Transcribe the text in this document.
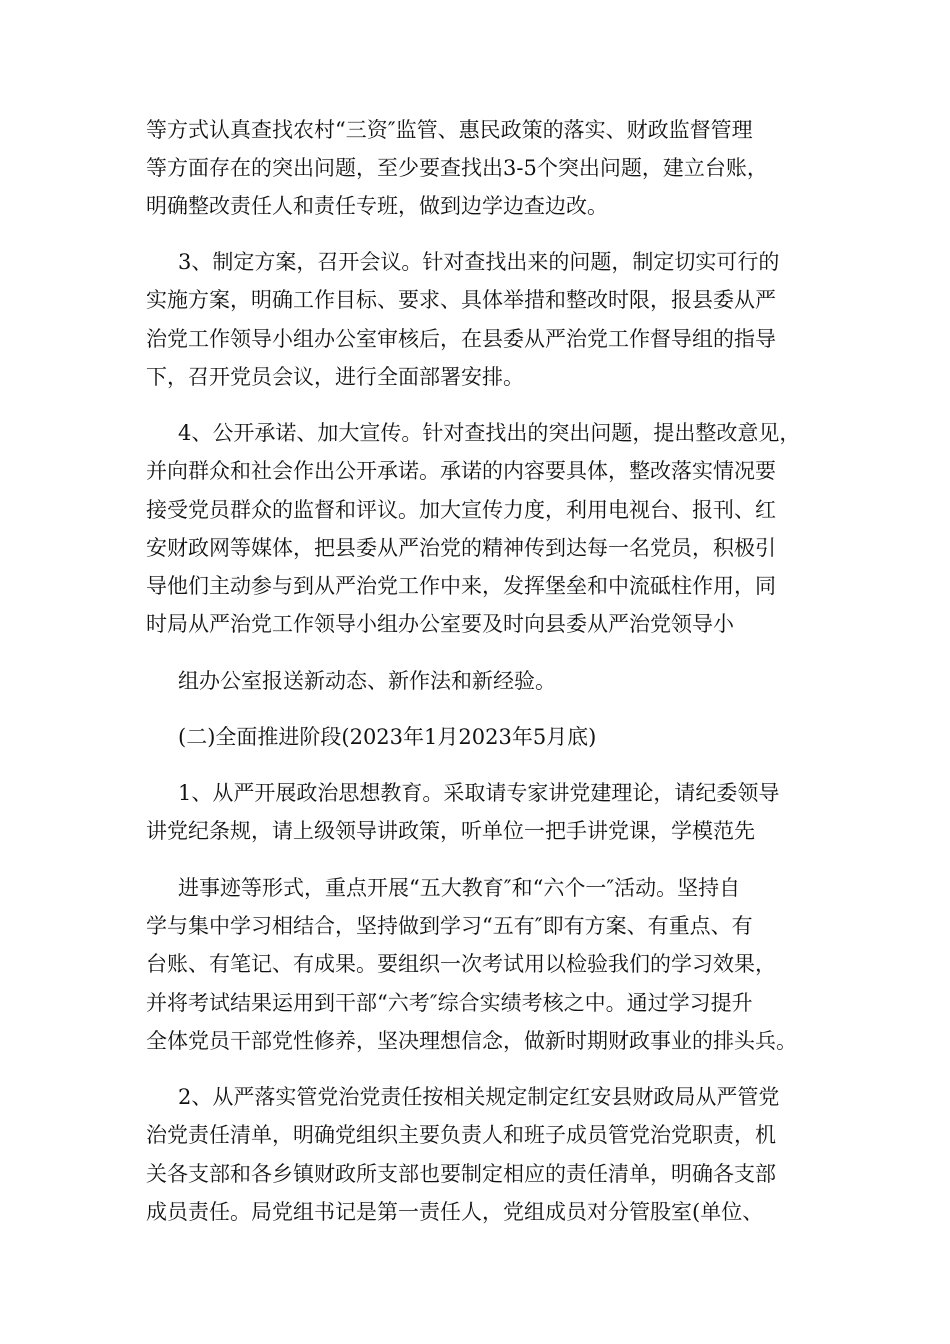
等方式认真查找农村“三资″监管、惠民政策的落实、财政监督管理
等方面存在的突出问题，至少要查找出3-5个突出问题，建立台账，
明确整改责任人和责任专班，做到边学边查边改。
3、制定方案，召开会议。针对查找出来的问题，制定切实可行的
实施方案，明确工作目标、要求、具体举措和整改时限，报县委从严
治党工作领导小组办公室审核后，在县委从严治党工作督导组的指导
下，召开党员会议，进行全面部署安排。
4、公开承诺、加大宣传。针对查找出的突出问题，提出整改意见，
并向群众和社会作出公开承诺。承诺的内容要具体，整改落实情况要
接受党员群众的监督和评议。加大宣传力度，利用电视台、报刊、红
安财政网等媒体，把县委从严治党的精神传到达每一名党员，积极引
导他们主动参与到从严治党工作中来，发挥堡垒和中流砥柱作用，同
时局从严治党工作领导小组办公室要及时向县委从严治党领导小
组办公室报送新动态、新作法和新经验。
(二)全面推进阶段(2023年1月2023年5月底)
1、从严开展政治思想教育。采取请专家讲党建理论，请纪委领导
讲党纪条规，请上级领导讲政策，听单位一把手讲党课，学模范先
进事迹等形式，重点开展“五大教育″和“六个一″活动。坚持自
学与集中学习相结合，坚持做到学习“五有″即有方案、有重点、有
台账、有笔记、有成果。要组织一次考试用以检验我们的学习效果，
并将考试结果运用到干部“六考″综合实绩考核之中。通过学习提升
全体党员干部党性修养，坚决理想信念，做新时期财政事业的排头兵。
2、从严落实管党治党责任按相关规定制定红安县财政局从严管党
治党责任清单，明确党组织主要负责人和班子成员管党治党职责，机
关各支部和各乡镇财政所支部也要制定相应的责任清单，明确各支部
成员责任。局党组书记是第一责任人，党组成员对分管股室(单位、
